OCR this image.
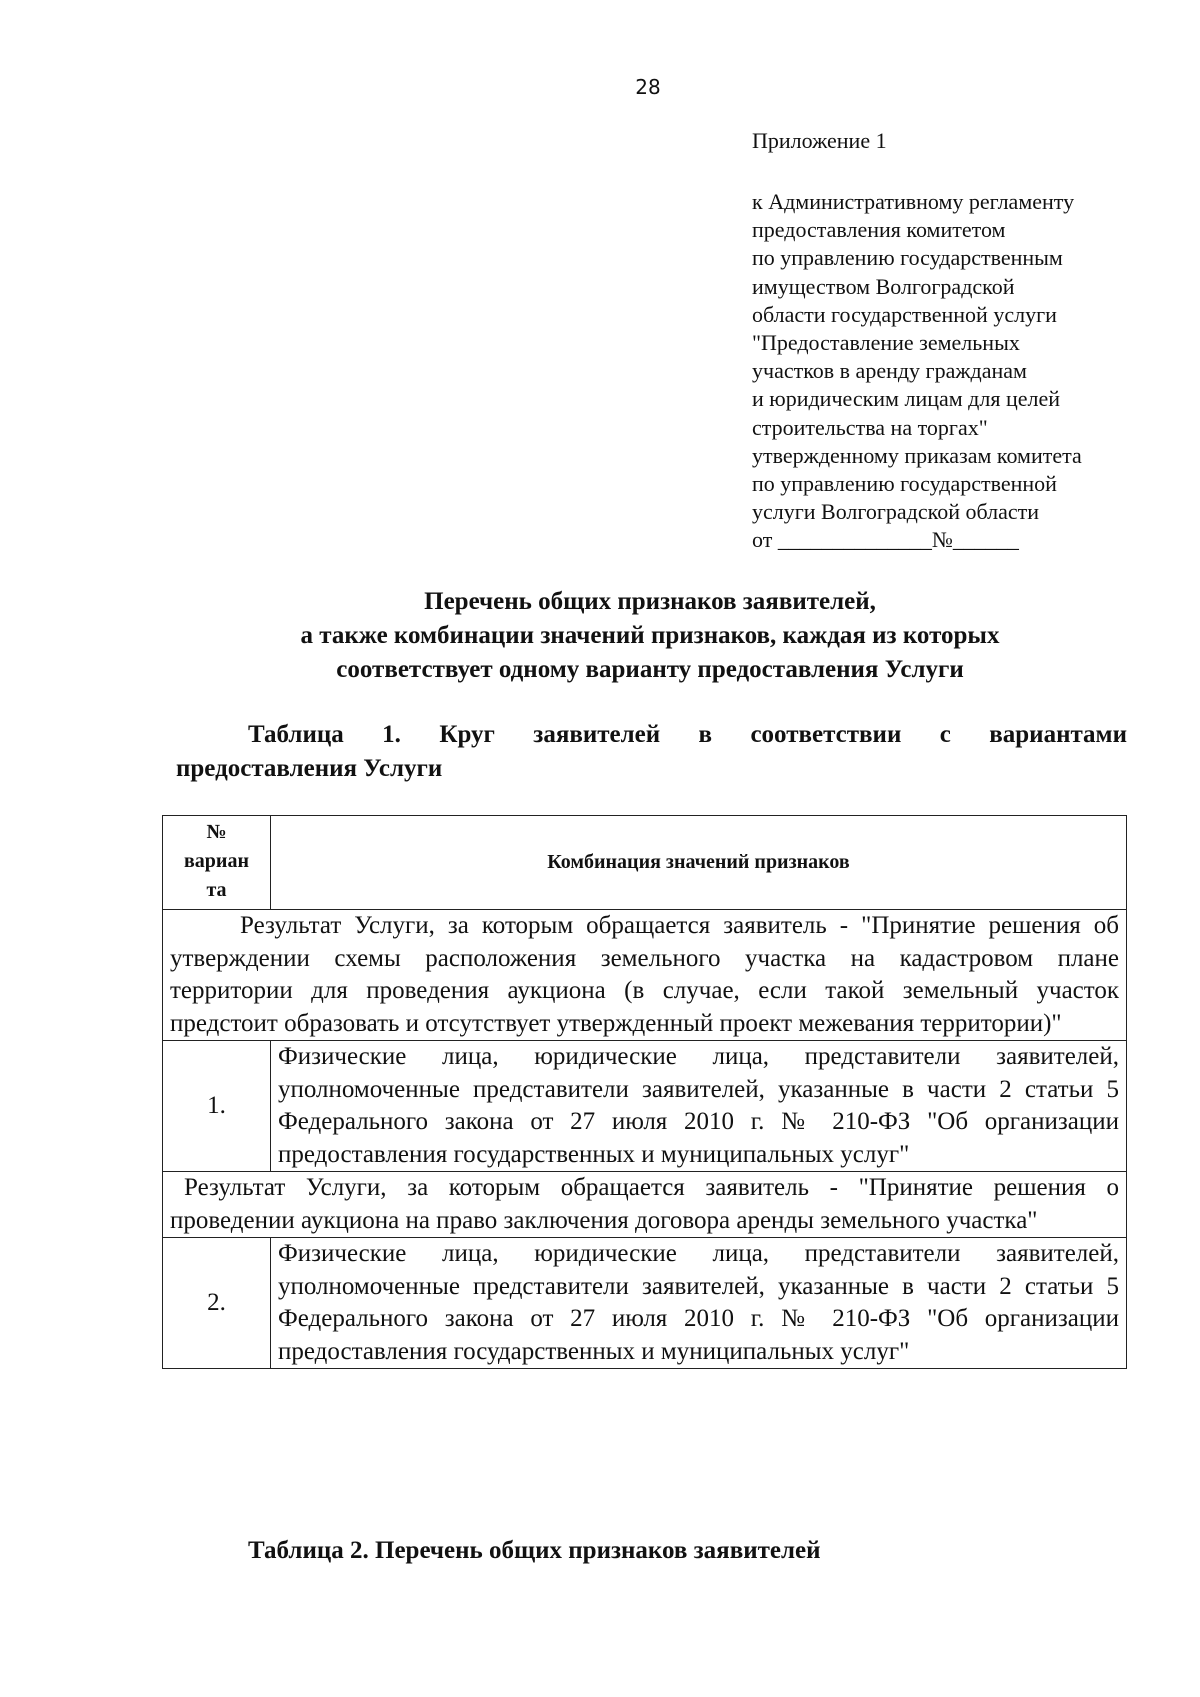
28
Приложение 1
к Административному регламенту
предоставления комитетом
по управлению государственным
имуществом Волгоградской
области государственной услуги
"Предоставление земельных
участков в аренду гражданам
и юридическим лицам для целей
строительства на торгах"
утвержденному приказам комитета
по управлению государственной
услуги Волгоградской области
от ______________№______
Перечень общих признаков заявителей,
а также комбинации значений признаков, каждая из которых
соответствует одному варианту предоставления Услуги
Таблица 1. Круг заявителей в соответствии с вариантами
предоставления Услуги
№
вариан
та	Комбинация значений признаков
Результат Услуги, за которым обращается заявитель - "Принятие решения об утверждении схемы расположения земельного участка на кадастровом плане территории для проведения аукциона (в случае, если такой земельный участок предстоит образовать и отсутствует утвержденный проект межевания территории)"	
1.	Физические лица, юридические лица, представители заявителей, уполномоченные представители заявителей, указанные в части 2 статьи 5 Федерального закона от 27 июля 2010 г. № 210-ФЗ "Об организации предоставления государственных и муниципальных услуг"
Результат Услуги, за которым обращается заявитель - "Принятие решения о проведении аукциона на право заключения договора аренды земельного участка"	
2.	Физические лица, юридические лица, представители заявителей, уполномоченные представители заявителей, указанные в части 2 статьи 5 Федерального закона от 27 июля 2010 г. № 210-ФЗ "Об организации предоставления государственных и муниципальных услуг"
Таблица 2. Перечень общих признаков заявителей
